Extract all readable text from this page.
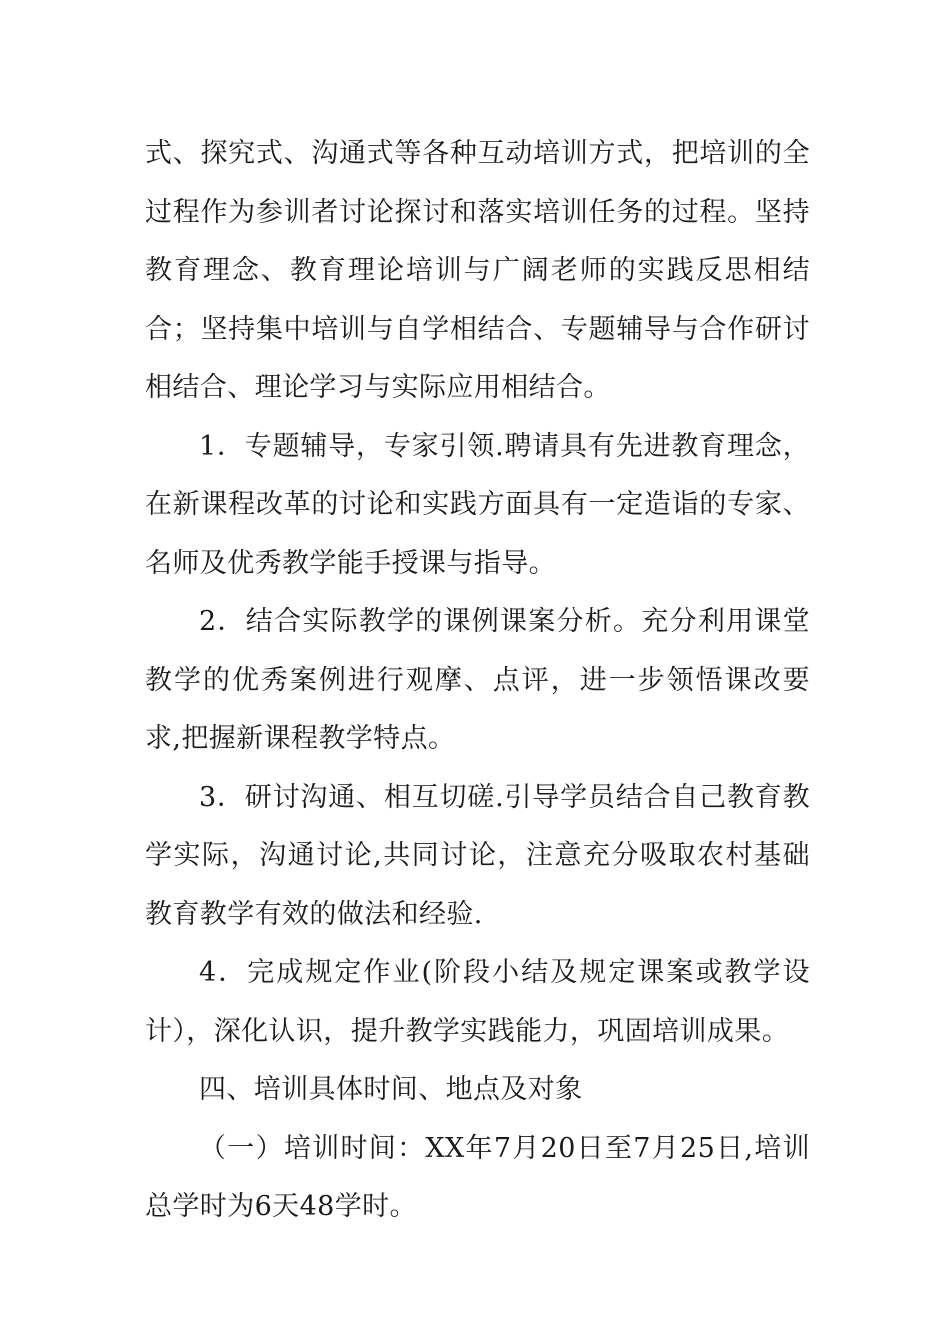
式、探究式、沟通式等各种互动培训方式，把培训的全过程作为参训者讨论探讨和落实培训任务的过程。坚持教育理念、教育理论培训与广阔老师的实践反思相结合；坚持集中培训与自学相结合、专题辅导与合作研讨相结合、理论学习与实际应用相结合。

1．专题辅导，专家引领.聘请具有先进教育理念，在新课程改革的讨论和实践方面具有一定造诣的专家、名师及优秀教学能手授课与指导。

2．结合实际教学的课例课案分析。充分利用课堂教学的优秀案例进行观摩、点评，进一步领悟课改要求,把握新课程教学特点。

3．研讨沟通、相互切磋.引导学员结合自己教育教学实际，沟通讨论,共同讨论，注意充分吸取农村基础教育教学有效的做法和经验.

4．完成规定作业(阶段小结及规定课案或教学设计），深化认识，提升教学实践能力，巩固培训成果。

四、培训具体时间、地点及对象

（一）培训时间：XX年7月20日至7月25日,培训总学时为6天48学时。
